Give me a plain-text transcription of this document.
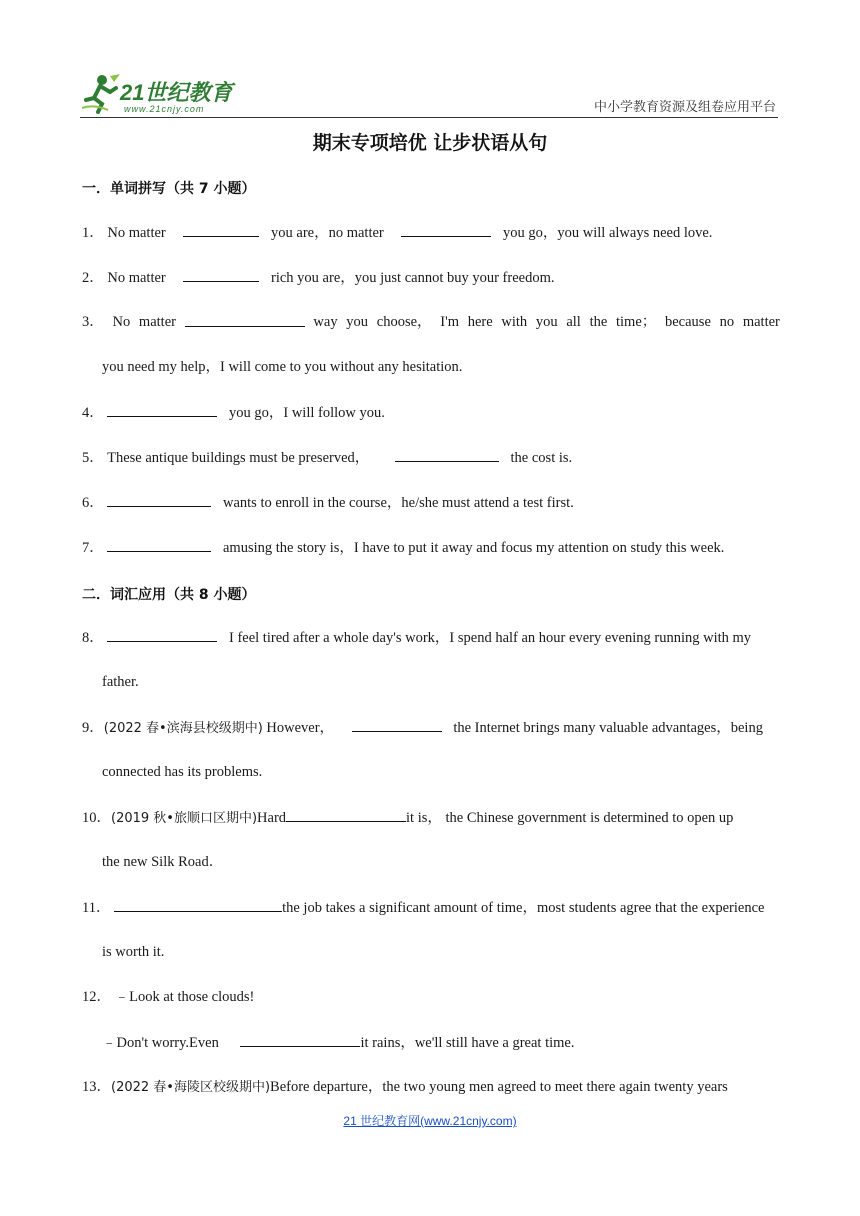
21世纪教育
www.21cnjy.com	中小学教育资源及组卷应用平台
期末专项培优 让步状语从句
一．单词拼写（共 7 小题）
1． No matter	you are，no matter	you go，you will always need love.
2． No matter	rich you are，you just cannot buy your freedom.
3． No matter	way you choose， I'm here with you all the time； because no matter
you need my help，I will come to you without any hesitation.
4．	you go，I will follow you.
5． These antique buildings must be preserved，	the cost is.
6．	wants to enroll in the course，he/she must attend a test first.
7．	amusing the story is，I have to put it away and focus my attention on study this week.
二．词汇应用（共 8 小题）
8．	I feel tired after a whole day's work，I spend half an hour every evening running with my
father.
9．(2022 春•滨海县校级期中) However，	the Internet brings many valuable advantages，being
connected has its problems.
10．(2019 秋•旅顺口区期中)Hard	it is， the Chinese government is determined to open up
the new Silk Road．
11．	the job takes a significant amount of time，most students agree that the experience
is worth it.
12． ﹣Look at those clouds!
﹣Don't worry.Even	it rains，we'll still have a great time.
13．(2022 春•海陵区校级期中)Before departure，the two young men agreed to meet there again twenty years
21 世纪教育网(www.21cnjy.com)
